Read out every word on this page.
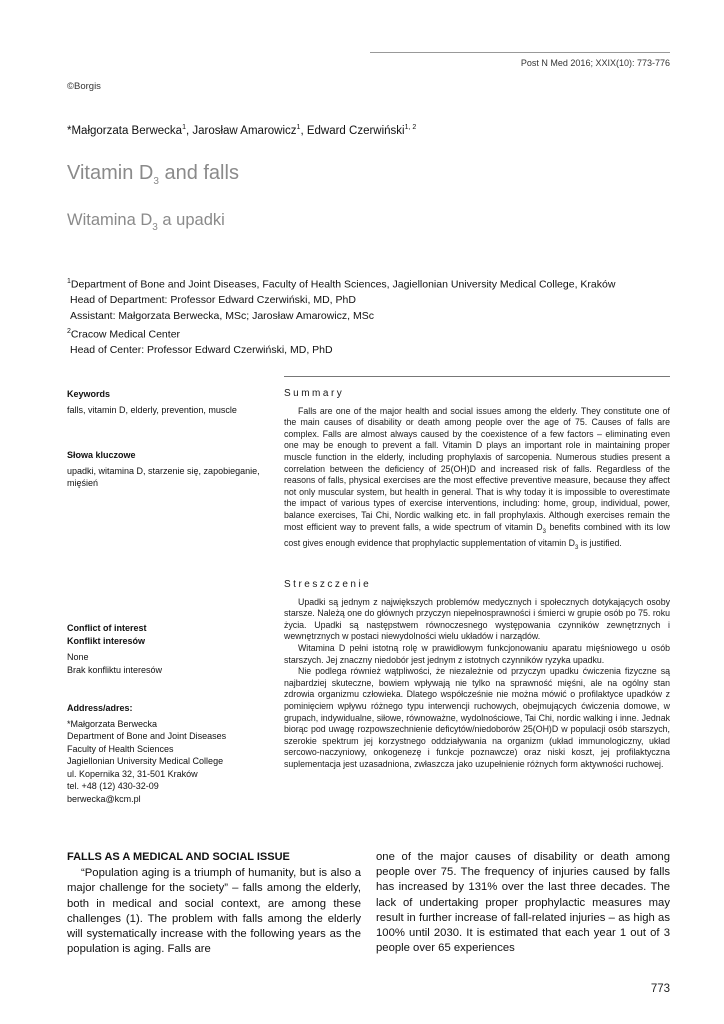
Post N Med 2016; XXIX(10): 773-776
©Borgis
*Małgorzata Berwecka$^1$, Jarosław Amarowicz$^1$, Edward Czerwiński$^{1, 2}$
Vitamin $D_3$ and falls
Witamina $D_3$ a upadki
$^1$Department of Bone and Joint Diseases, Faculty of Health Sciences, Jagiellonian University Medical College, Kraków
Head of Department: Professor Edward Czerwiński, MD, PhD
Assistant: Małgorzata Berwecka, MSc; Jarosław Amarowicz, MSc
$^2$Cracow Medical Center
Head of Center: Professor Edward Czerwiński, MD, PhD
Keywords
falls, vitamin D, elderly, prevention, muscle
Słowa kluczowe
upadki, witamina D, starzenie się, zapobieganie, mięśień
Conflict of interest
Konflikt interesów
None
Brak konfliktu interesów
Address/adres:
*Małgorzata Berwecka
Department of Bone and Joint Diseases
Faculty of Health Sciences
Jagiellonian University Medical College
ul. Kopernika 32, 31-501 Kraków
tel. +48 (12) 430-32-09
berwecka@kcm.pl
Summary

Falls are one of the major health and social issues among the elderly. They constitute one of the main causes of disability or death among people over the age of 75. Causes of falls are complex. Falls are almost always caused by the coexistence of a few factors – eliminating even one may be enough to prevent a fall. Vitamin D plays an important role in maintaining proper muscle function in the elderly, including prophylaxis of sarcopenia. Numerous studies present a correlation between the deficiency of 25(OH)D and increased risk of falls. Regardless of the reasons of falls, physical exercises are the most effective preventive measure, because they affect not only muscular system, but health in general. That is why today it is impossible to overestimate the impact of various types of exercise interventions, including: home, group, individual, power, balance exercises, Tai Chi, Nordic walking etc. in fall prophylaxis. Although exercises remain the most efficient way to prevent falls, a wide spectrum of vitamin $D_3$ benefits combined with its low cost gives enough evidence that prophylactic supplementation of vitamin $D_3$ is justified.

Streszczenie

Upadki są jednym z największych problemów medycznych i społecznych dotykających osoby starsze. Należą one do głównych przyczyn niepełnosprawności i śmierci w grupie osób po 75. roku życia. Upadki są następstwem równoczesnego występowania czynników zewnętrznych i wewnętrznych w postaci niewydolności wielu układów i narządów.

Witamina D pełni istotną rolę w prawidłowym funkcjonowaniu aparatu mięśniowego u osób starszych. Jej znaczny niedobór jest jednym z istotnych czynników ryzyka upadku.

Nie podlega również wątpliwości, że niezależnie od przyczyn upadku ćwiczenia fizyczne są najbardziej skuteczne, bowiem wpływają nie tylko na sprawność mięśni, ale na ogólny stan zdrowia organizmu człowieka. Dlatego współcześnie nie można mówić o profilaktyce upadków z pominięciem wpływu różnego typu interwencji ruchowych, obejmujących ćwiczenia domowe, w grupach, indywidualne, siłowe, równoważne, wydolnościowe, Tai Chi, nordic walking i inne. Jednak biorąc pod uwagę rozpowszechnienie deficytów/niedoborów 25(OH)D w populacji osób starszych, szerokie spektrum jej korzystnego oddziaływania na organizm (układ immunologiczny, układ sercowo-naczyniowy, onkogenezę i funkcje poznawcze) oraz niski koszt, jej profilaktyczna suplementacja jest uzasadniona, zwłaszcza jako uzupełnienie różnych form aktywności ruchowej.

FALLS AS A MEDICAL AND SOCIAL ISSUE

“Population aging is a triumph of humanity, but is also a major challenge for the society” – falls among the elderly, both in medical and social context, are among these challenges (1). The problem with falls among the elderly will systematically increase with the following years as the population is aging. Falls are

one of the major causes of disability or death among people over 75. The frequency of injuries caused by falls has increased by 131% over the last three decades. The lack of undertaking proper prophylactic measures may result in further increase of fall-related injuries – as high as 100% until 2030. It is estimated that each year 1 out of 3 people over 65 experiences

773
